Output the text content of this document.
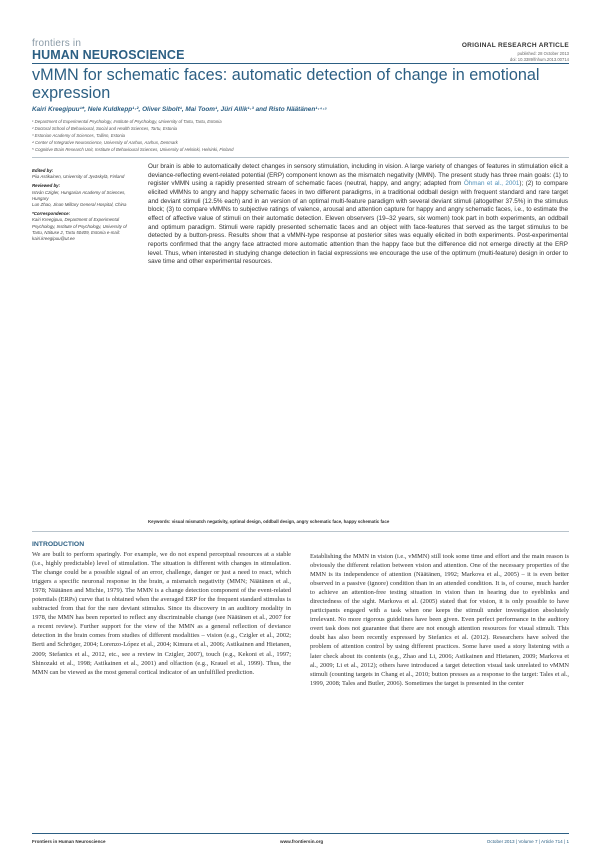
frontiers in
HUMAN NEUROSCIENCE
ORIGINAL RESEARCH ARTICLE
published: 28 October 2013
doi: 10.3389/fnhum.2013.00714
vMMN for schematic faces: automatic detection of change in emotional expression
Kairi Kreegipuu¹*, Nele Kuldkepp¹·², Oliver Sibolt¹, Mai Toom¹, Jüri Allik¹·³ and Risto Näätänen¹·⁴·⁵
¹ Department of Experimental Psychology, Institute of Psychology, University of Tartu, Tartu, Estonia
² Doctoral School of Behavioural, Social and Health Sciences, Tartu, Estonia
³ Estonian Academy of Sciences, Tallinn, Estonia
⁴ Center of Integrative Neuroscience, University of Aarhus, Aarhus, Denmark
⁵ Cognitive Brain Research Unit, Institute of Behavioural Sciences, University of Helsinki, Helsinki, Finland
Edited by:
Piia Astikainen, University of Jyväskylä, Finland
Reviewed by:
István Czigler, Hungarian Academy of Sciences, Hungary
Lun Zhao, Jinan Military General Hospital, China
*Correspondence:
Kairi Kreegipuu, Department of Experimental Psychology, Institute of Psychology, University of Tartu, Näituse 2, Tartu 50409, Estonia e-mail: kairi.kreegipuu@ut.ee
Our brain is able to automatically detect changes in sensory stimulation, including in vision. A large variety of changes of features in stimulation elicit a deviance-reflecting event-related potential (ERP) component known as the mismatch negativity (MMN). The present study has three main goals: (1) to register vMMN using a rapidly presented stream of schematic faces (neutral, happy, and angry; adapted from Öhman et al., 2001); (2) to compare elicited vMMNs to angry and happy schematic faces in two different paradigms, in a traditional oddball design with frequent standard and rare target and deviant stimuli (12.5% each) and in an version of an optimal multi-feature paradigm with several deviant stimuli (altogether 37.5%) in the stimulus block; (3) to compare vMMNs to subjective ratings of valence, arousal and attention capture for happy and angry schematic faces, i.e., to estimate the effect of affective value of stimuli on their automatic detection. Eleven observers (19–32 years, six women) took part in both experiments, an oddball and optimum paradigm. Stimuli were rapidly presented schematic faces and an object with face-features that served as the target stimulus to be detected by a button-press. Results show that a vMMN-type response at posterior sites was equally elicited in both experiments. Post-experimental reports confirmed that the angry face attracted more automatic attention than the happy face but the difference did not emerge directly at the ERP level. Thus, when interested in studying change detection in facial expressions we encourage the use of the optimum (multi-feature) design in order to save time and other experimental resources.
Keywords: visual mismatch negativity, optimal design, oddball design, angry schematic face, happy schematic face
INTRODUCTION
We are built to perform sparingly. For example, we do not expend perceptual resources at a stable (i.e., highly predictable) level of stimulation. The situation is different with changes in stimulation. The change could be a possible signal of an error, challenge, danger or just a need to react, which triggers a specific neuronal response in the brain, a mismatch negativity (MMN; Näätänen et al., 1978; Näätänen and Michie, 1979). The MMN is a change detection component of the event-related potentials (ERPs) curve that is obtained when the averaged ERP for the frequent standard stimulus is subtracted from that for the rare deviant stimulus. Since its discovery in an auditory modality in 1978, the MMN has been reported to reflect any discriminable change (see Näätänen et al., 2007 for a recent review). Further support for the view of the MMN as a general reflection of deviance detection in the brain comes from studies of different modalities – vision (e.g., Czigler et al., 2002; Berti and Schröger, 2004; Lorenzo-López et al., 2004; Kimura et al., 2006; Astikainen and Hietanen, 2009; Stefanics et al., 2012, etc., see a review in Czigler, 2007), touch (e.g., Kekoni et al., 1997; Shinozaki et al., 1998; Astikainen et al., 2001) and olfaction (e.g., Krauel et al., 1999). Thus, the MMN can be viewed as the most general cortical indicator of an unfulfilled prediction.
Establishing the MMN in vision (i.e., vMMN) still took some time and effort and the main reason is obviously the different relation between vision and attention. One of the necessary properties of the MMN is its independence of attention (Näätänen, 1992; Markova et al., 2005) – it is even better observed in a passive (ignore) condition than in an attended condition. It is, of course, much harder to achieve an attention-free testing situation in vision than in hearing due to eyeblinks and directedness of the sight. Markova et al. (2005) stated that for vision, it is only possible to have participants engaged with a task when one keeps the stimuli under investigation absolutely irrelevant. No more rigorous guidelines have been given. Even perfect performance in the auditory overt task does not guarantee that there are not enough attention resources for visual stimuli. This doubt has also been recently expressed by Stefanics et al. (2012). Researchers have solved the problem of attention control by using different practices. Some have used a story listening with a later check about its contents (e.g., Zhao and Li, 2006; Astikainen and Hietanen, 2009; Markova et al., 2009; Li et al., 2012); others have introduced a target detection visual task unrelated to vMMN stimuli (counting targets in Chang et al., 2010; button presses as a response to the target: Tales et al., 1999, 2008; Tales and Butler, 2006). Sometimes the target is presented in the center
Frontiers in Human Neuroscience	www.frontiersin.org	October 2013 | Volume 7 | Article 714 | 1
